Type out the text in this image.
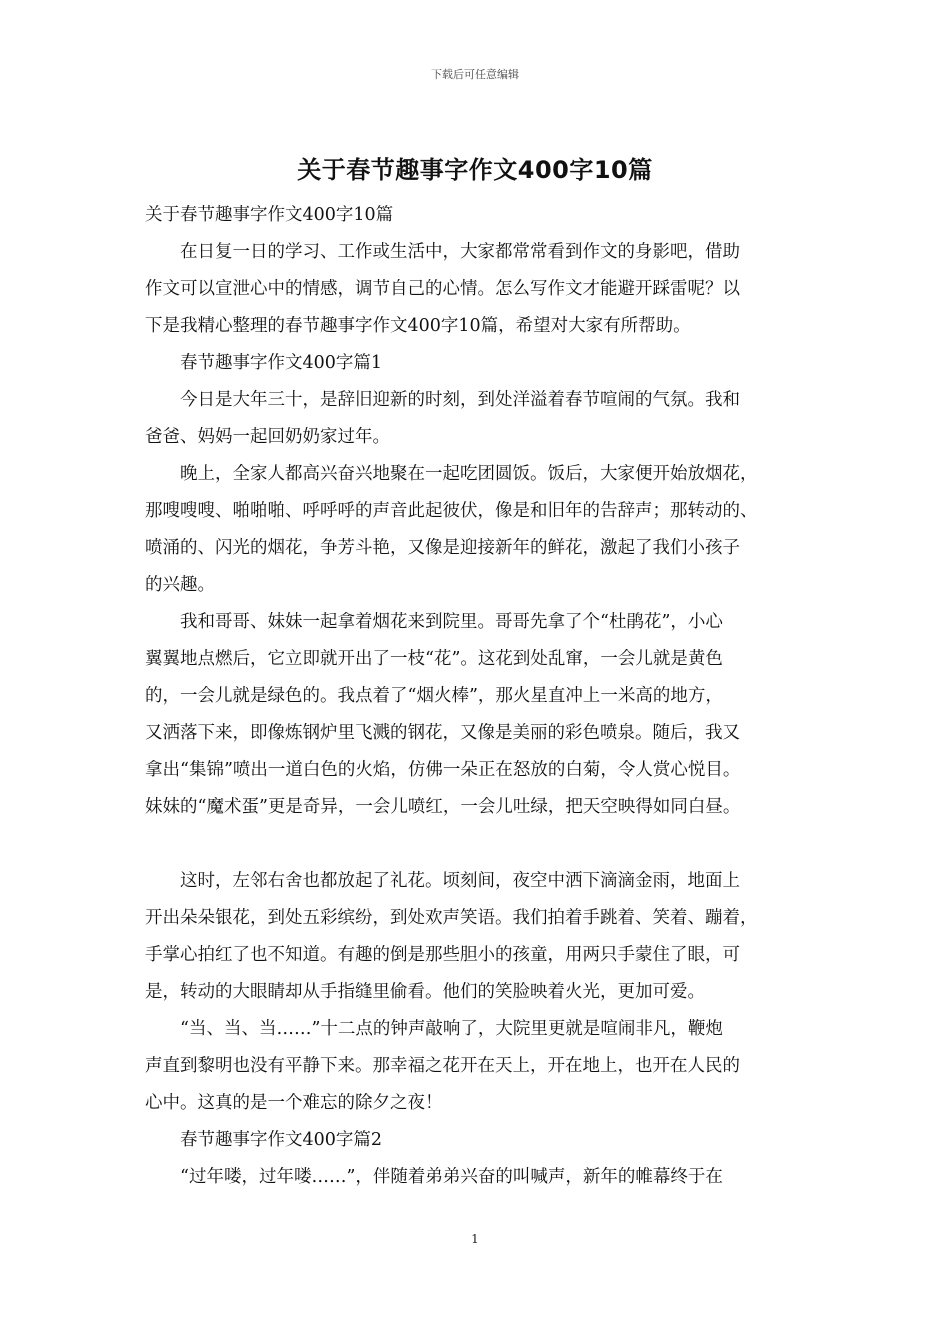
下载后可任意编辑
关于春节趣事字作文400字10篇
关于春节趣事字作文400字10篇
　　在日复一日的学习、工作或生活中，大家都常常看到作文的身影吧，借助
作文可以宣泄心中的情感，调节自己的心情。怎么写作文才能避开踩雷呢？以
下是我精心整理的春节趣事字作文400字10篇，希望对大家有所帮助。
　　春节趣事字作文400字篇1
　　今日是大年三十，是辞旧迎新的时刻，到处洋溢着春节喧闹的气氛。我和
爸爸、妈妈一起回奶奶家过年。
　　晚上，全家人都高兴奋兴地聚在一起吃团圆饭。饭后，大家便开始放烟花，
那嗖嗖嗖、啪啪啪、呼呼呼的声音此起彼伏，像是和旧年的告辞声；那转动的、
喷涌的、闪光的烟花，争芳斗艳，又像是迎接新年的鲜花，激起了我们小孩子
的兴趣。
　　我和哥哥、妹妹一起拿着烟花来到院里。哥哥先拿了个“杜鹃花”，小心
翼翼地点燃后，它立即就开出了一枝“花”。这花到处乱窜，一会儿就是黄色
的，一会儿就是绿色的。我点着了“烟火棒”，那火星直冲上一米高的地方，
又洒落下来，即像炼钢炉里飞溅的钢花，又像是美丽的彩色喷泉。随后，我又
拿出“集锦”喷出一道白色的火焰，仿佛一朵正在怒放的白菊，令人赏心悦目。
妹妹的“魔术蛋”更是奇异，一会儿喷红，一会儿吐绿，把天空映得如同白昼。
　　这时，左邻右舍也都放起了礼花。顷刻间，夜空中洒下滴滴金雨，地面上
开出朵朵银花，到处五彩缤纷，到处欢声笑语。我们拍着手跳着、笑着、蹦着，
手掌心拍红了也不知道。有趣的倒是那些胆小的孩童，用两只手蒙住了眼，可
是，转动的大眼睛却从手指缝里偷看。他们的笑脸映着火光，更加可爱。
　　“当、当、当……”十二点的钟声敲响了，大院里更就是喧闹非凡，鞭炮
声直到黎明也没有平静下来。那幸福之花开在天上，开在地上，也开在人民的
心中。这真的是一个难忘的除夕之夜！
　　春节趣事字作文400字篇2
　　“过年喽，过年喽……”，伴随着弟弟兴奋的叫喊声，新年的帷幕终于在
1
